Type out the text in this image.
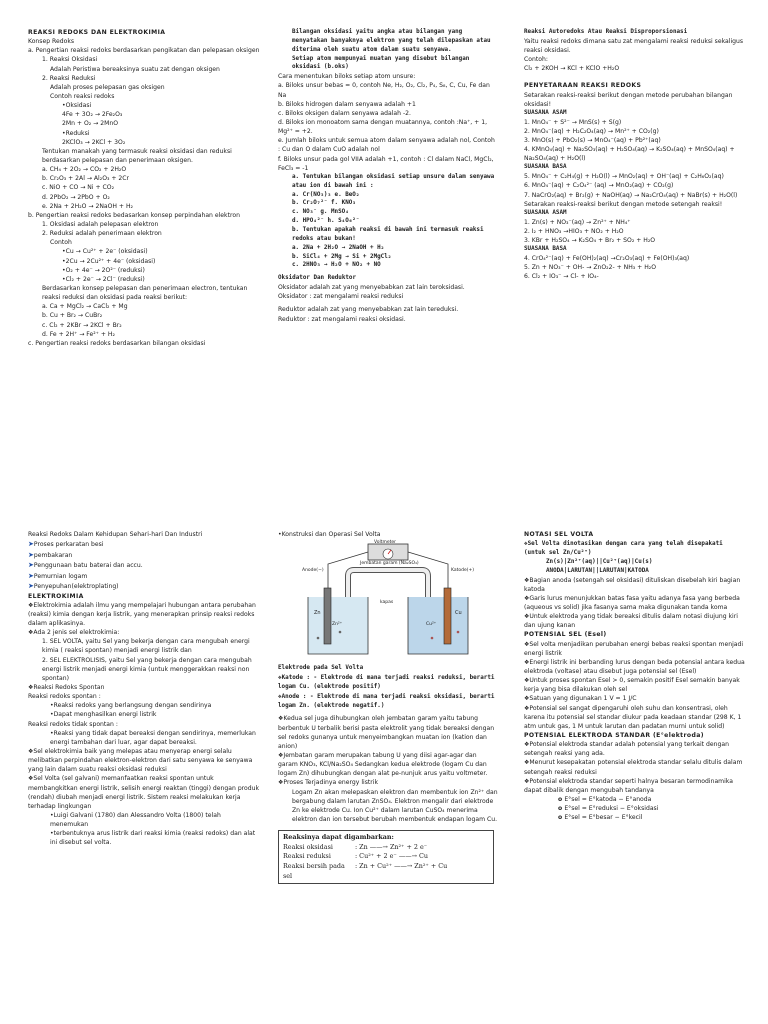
REAKSI REDOKS DAN ELEKTROKIMIA
Konsep Redoks
a. Pengertian reaksi redoks berdasarkan pengikatan dan pelepasan oksigen
1. Reaksi Oksidasi
Adalah Peristiwa bereaksinya suatu zat dengan oksigen
2. Reaksi Reduksi
Adalah proses pelepasan gas oksigen
Contoh reaksi redoks
• Oksidasi
4Fe + 3O₂ → 2Fe₂O₃
2Mn + O₂ → 2MnO
• Reduksi
2KClO₃ → 2KCl + 3O₂
Tentukan manakah yang termasuk reaksi oksidasi dan reduksi berdasarkan pelepasan dan penerimaan oksigen.
a. CH₄ + 2O₂ → CO₂ + 2H₂O
b. Cr₂O₃ + 2Al → Al₂O₃ + 2Cr
c. NiO + CO → Ni + CO₂
d. 2PbO₂ → 2PbO + O₂
e. 2Na + 2H₂O → 2NaOH + H₂
b. Pengertian reaksi redoks bedasarkan konsep perpindahan elektron
1. Oksidasi adalah pelepasan elektron
2. Reduksi adalah penerimaan elektron
Contoh
• Cu → Cu²⁺ + 2e⁻ (oksidasi)
• 2Cu → 2Cu²⁺ + 4e⁻ (oksidasi)
• O₂ + 4e⁻ → 2O²⁻ (reduksi)
• Cl₂ + 2e⁻ → 2Cl⁻ (reduksi)
Berdasarkan konsep pelepasan dan penerimaan electron, tentukan reaksi reduksi dan oksidasi pada reaksi berikut:
a. Ca + MgCl₂ → CaCl₂ + Mg
b. Cu + Br₂ → CuBr₂
c. Cl₂ + 2KBr → 2KCl + Br₂
d. Fe + 2H⁺ → Fe²⁺ + H₂
c. Pengertian reaksi redoks berdasarkan bilangan oksidasi
Bilangan oksidasi yaitu angka atau bilangan yang menyatakan banyaknya elektron yang telah dilepaskan atau diterima oleh suatu atom dalam suatu senyawa.
Setiap atom mempunyai muatan yang disebut bilangan oksidasi (b.oks)
Cara menentukan biloks setiap atom unsure:
a. Biloks unsur bebas = 0, contoh Ne, H₂, O₂, Cl₂, P₄, S₈, C, Cu, Fe dan Na
b. Biloks hidrogen dalam senyawa adalah +1
c. Biloks oksigen dalam senyawa adalah -2.
d. Biloks ion monoatom sama dengan muatannya, contoh :Na⁺, + 1, Mg²⁺ = +2.
e. Jumlah biloks untuk semua atom dalam senyawa adalah nol, Contoh : Cu dan O dalam CuO adalah nol
f. Biloks unsur pada gol VIIA adalah +1, contoh : Cl dalam NaCl, MgCl₂, FeCl₃ = -1
a. Tentukan bilangan oksidasi setiap unsure dalam senyawa atau ion di bawah ini :
a. Cr(NO₃)₃ e. BeO₂
b. Cr₂O₇²⁻ f. KNO₃
c. NO₃⁻ g. MnSO₄
d. HPO₄²⁻ h. S₄O₆²⁻
b. Tentukan apakah reaksi di bawah ini termasuk reaksi redoks atau bukan!
a. 2Na + 2H₂O → 2NaOH + H₂
b. SiCl₄ + 2Mg → Si + 2MgCl₂
c. 2HNO₃ → H₂O + NO₂ + NO
Oksidator Dan Reduktor
Oksidator adalah zat yang menyebabkan zat lain teroksidasi.
Oksidator : zat mengalami reaksi reduksi
Reduktor adalah zat yang menyebabkan zat lain tereduksi.
Reduktor : zat mengalami reaksi oksidasi.
Reaksi Autoredoks Atau Reaksi Disproporsionasi
Yaitu reaksi redoks dimana satu zat mengalami reaksi reduksi sekaligus reaksi oksidasi.
Contoh:
Cl₂ + 2KOH → KCl + KClO +H₂O
PENYETARAAN REAKSI REDOKS
Setarakan reaksi-reaksi berikut dengan metode perubahan bilangan oksidasi!
SUASANA ASAM
1. MnO₄⁻ + S²⁻ → MnS(s) + S(g)
2. MnO₄⁻(aq) + H₂C₂O₄(aq) → Mn²⁺ + CO₂(g)
3. MnO(s) + PbO₂(s) → MnO₄⁻(aq) + Pb²⁺(aq)
4. KMnO₄(aq) + Na₂SO₃(aq) + H₂SO₄(aq) → K₂SO₄(aq) + MnSO₄(aq) + Na₂SO₄(aq) + H₂O(l)
SUASANA BASA
5. MnO₄⁻ + C₂H₄(g) + H₂O(l) → MnO₂(aq) + OH⁻(aq) + C₂H₆O₂(aq)
6. MnO₄⁻(aq) + C₂O₄²⁻ (aq) → MnO₂(aq) + CO₂(g)
7. NaCrO₂(aq) + Br₂(g) + NaOH(aq) → Na₂CrO₄(aq) + NaBr(s) + H₂O(l)
Setarakan reaksi-reaksi berikut dengan metode setengah reaksi!
SUASANA ASAM
1. Zn(s) + NO₃⁻(aq) → Zn²⁺ + NH₄⁺
2. I₂ + HNO₃ →HIO₃ + NO₂ + H₂O
3. KBr + H₂SO₄ → K₂SO₄ + Br₂ + SO₂ + H₂O
SUASANA BASA
4. CrO₄²⁻(aq) + Fe(OH)₂(aq) →Cr₂O₃(aq) + Fe(OH)₃(aq)
5. Zn + NO₃⁻ + OH- → ZnO₂2- + NH₃ + H₂O
6. Cl₂ + IO₃⁻ → Cl- + IO₄-
Reaksi Redoks Dalam Kehidupan Sehari-hari Dan Industri
➤ Proses perkaratan besi
➤ pembakaran
➤ Penggunaan batu baterai dan accu.
➤ Pemurnian logam
➤ Penyepuhan(elektroplating)
ELEKTROKIMIA
❖ Elektrokimia adalah ilmu yang mempelajari hubungan antara perubahan (reaksi) kimia dengan kerja listrik, yang menerapkan prinsip reaksi redoks dalam aplikasinya.
❖ Ada 2 jenis sel elektrokimia:
1. SEL VOLTA, yaitu Sel yang bekerja dengan cara mengubah energi kimia ( reaksi spontan) menjadi energi listrik dan
2. SEL ELEKTROLISIS, yaitu Sel yang bekerja dengan cara mengubah energi listrik menjadi energi kimia (untuk menggerakkan reaksi non spontan)
❖ Reaksi Redoks Spontan
Reaksi redoks spontan :
• Reaksi redoks yang berlangsung dengan sendirinya
• Dapat menghasilkan energi listrik
Reaksi redoks tidak spontan :
• Reaksi yang tidak dapat bereaksi dengan sendirinya, memerlukan energi tambahan dari luar, agar dapat bereaksi.
❖ Sel elektrokimia baik yang melepas atau menyerap energi selalu melibatkan perpindahan elektron-elektron dari satu senyawa ke senyawa yang lain dalam suatu reaksi oksidasi reduksi
❖ Sel Volta (sel galvani) memanfaatkan reaksi spontan untuk membangkitkan energi listrik, selisih energi reaktan (tinggi) dengan produk (rendah) diubah menjadi energi listrik. Sistem reaksi melakukan kerja terhadap lingkungan
• Luigi Galvani (1780) dan Alessandro Volta (1800) telah menemukan
• terbentuknya arus listrik dari reaksi kimia (reaksi redoks) dan alat ini disebut sel volta.
• Konstruksi dan Operasi Sel Volta
Voltmeter
Jembatan garam (Na₂SO₄)
Anode(−)	Katode(+)
Zn	Cu
Zn²⁺	Cu²⁺
kapas
Elektrode pada Sel Volta
❖ Katode : - Elektrode di mana terjadi reaksi reduksi, berarti logam Cu. (elektrode positif)
❖ Anode : - Elektrode di mana terjadi reaksi oksidasi, berarti logam Zn. (elektrode negatif.)
❖ Kedua sel juga dihubungkan oleh jembatan garam yaitu tabung berbentuk U terbalik berisi pasta elektrolit yang tidak bereaksi dengan sel redoks gunanya untuk menyeimbangkan muatan ion (kation dan anion)
❖ Jembatan garam merupakan tabung U yang diisi agar-agar dan garam KNO₃, KCl/Na₂SO₄ Sedangkan kedua elektrode (logam Cu dan logam Zn) dihubungkan dengan alat pe-nunjuk arus yaitu voltmeter.
❖ Proses Terjadinya energy listrik
Logam Zn akan melepaskan elektron dan membentuk ion Zn²⁺ dan bergabung dalam larutan ZnSO₄. Elektron mengalir dari elektrode Zn ke elektrode Cu. Ion Cu²⁺ dalam larutan CuSO₄ menerima elektron dan ion tersebut berubah membentuk endapan logam Cu.
Reaksinya dapat digambarkan:
Reaksi oksidasi	: Zn ——→ Zn²⁺ + 2 e⁻
Reaksi reduksi	: Cu²⁺ + 2 e⁻ ——→ Cu
Reaksi bersih pada sel
: Zn + Cu²⁺ ——→ Zn²⁺ + Cu
NOTASI SEL VOLTA
❖ Sel Volta dinotasikan dengan cara yang telah disepakati (untuk sel Zn/Cu²⁺)
Zn(s)|Zn²⁺(aq)||Cu²⁺(aq)|Cu(s)
ANODA|LARUTAN||LARUTAN|KATODA
❖ Bagian anoda (setengah sel oksidasi) dituliskan disebelah kiri bagian katoda
❖ Garis lurus menunjukkan batas fasa yaitu adanya fasa yang berbeda (aqueous vs solid) jika fasanya sama maka digunakan tanda koma
❖ Untuk elektroda yang tidak bereaksi ditulis dalam notasi diujung kiri dan ujung kanan
POTENSIAL SEL (Esel)
❖ Sel volta menjadikan perubahan energi bebas reaksi spontan menjadi energi listrik
❖ Energi listrik ini berbanding lurus dengan beda potensial antara kedua elektroda (voltase) atau disebut juga potensial sel (Esel)
❖ Untuk proses spontan Esel > 0, semakin positif Esel semakin banyak kerja yang bisa dilakukan oleh sel
❖ Satuan yang digunakan 1 V = 1 J/C
❖ Potensial sel sangat dipengaruhi oleh suhu dan konsentrasi, oleh karena itu potensial sel standar diukur pada keadaan standar (298 K, 1 atm untuk gas, 1 M untuk larutan dan padatan murni untuk solid)
POTENSIAL ELEKTRODA STANDAR (E°elektroda)
❖ Potensial elektroda standar adalah potensial yang terkait dengan setengah reaksi yang ada.
❖ Menurut kesepakatan potensial elektroda standar selalu ditulis dalam setengah reaksi reduksi
❖ Potensial elektroda standar seperti halnya besaran termodinamika dapat dibalik dengan mengubah tandanya
o E°sel = E°katoda − E°anoda
o E°sel = E°reduksi − E°oksidasi
o E°sel = E°besar − E°kecil
